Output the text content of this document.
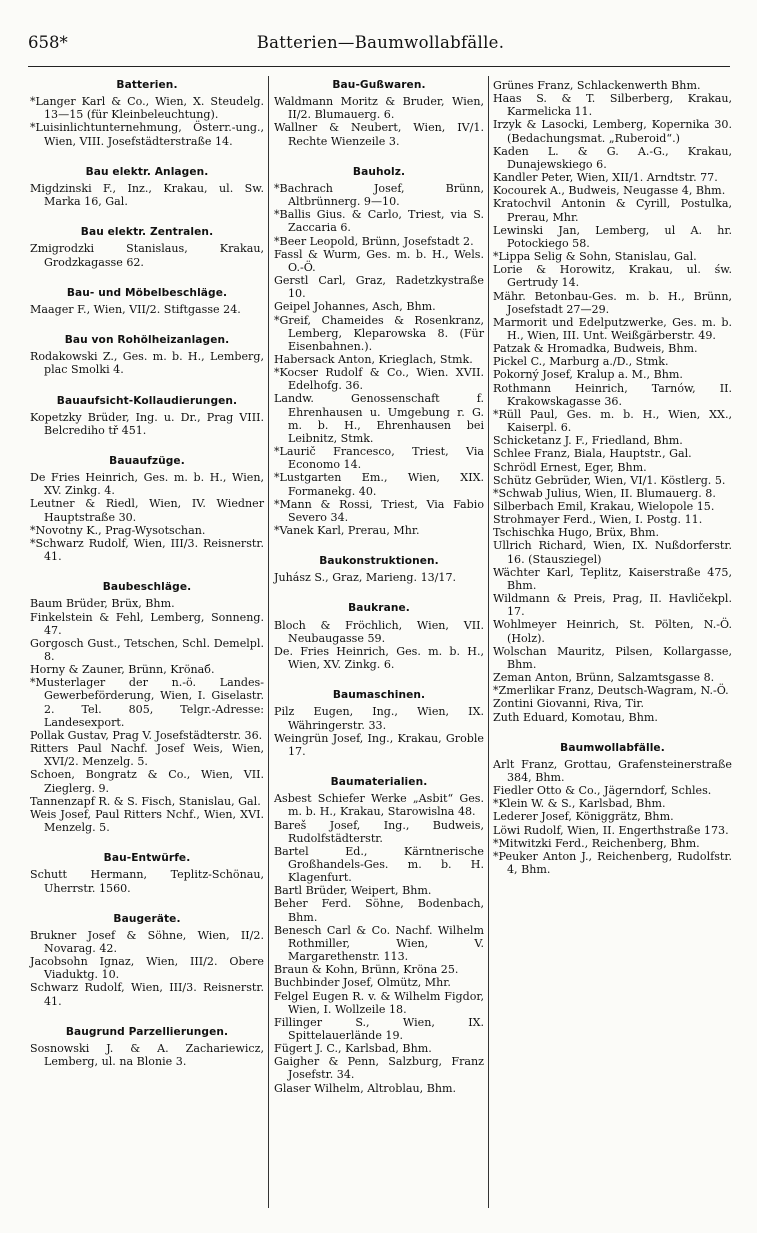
658*	Batterien—Baumwollabfälle.
Batterien.
*Langer Karl & Co., Wien, X. Steudelg. 13—15 (für Kleinbeleuchtung).
*Luisinlichtunternehmung, Österr.-ung., Wien, VIII. Josefstädterstraße 14.
Bau elektr. Anlagen.
Migdzinski F., Inz., Krakau, ul. Sw. Marka 16, Gal.
Bau elektr. Zentralen.
Zmigrodzki Stanislaus, Krakau, Grodzkagasse 62.
Bau- und Möbelbeschläge.
Maager F., Wien, VII/2. Stiftgasse 24.
Bau von Rohölheizanlagen.
Rodakowski Z., Ges. m. b. H., Lemberg, plac Smolki 4.
Bauaufsicht-Kollaudierungen.
Kopetzky Brüder, Ing. u. Dr., Prag VIII. Belcrediho tř 451.
Bauaufzüge.
De Fries Heinrich, Ges. m. b. H., Wien, XV. Zinkg. 4.
Leutner & Riedl, Wien, IV. Wiedner Hauptstraße 30.
*Novotny K., Prag-Wysotschan.
*Schwarz Rudolf, Wien, III/3. Reisnerstr. 41.
Baubeschläge.
Baum Brüder, Brüx, Bhm.
Finkelstein & Fehl, Lemberg, Sonneng. 47.
Gorgosch Gust., Tetschen, Schl. Demelpl. 8.
Horny & Zauner, Brünn, Krönaб.
*Musterlager der n.-ö. Landes-Gewerbeförderung, Wien, I. Giselastr. 2. Tel. 805, Telgr.-Adresse: Landesexport.
Pollak Gustav, Prag V. Josefstädterstr. 36.
Ritters Paul Nachf. Josef Weis, Wien, XVI/2. Menzelg. 5.
Schoen, Bongratz & Co., Wien, VII. Zieglerg. 9.
Tannenzapf R. & S. Fisch, Stanislau, Gal.
Weis Josef, Paul Ritters Nchf., Wien, XVI. Menzelg. 5.
Bau-Entwürfe.
Schutt Hermann, Teplitz-Schönau, Uherrstr. 1560.
Baugeräte.
Brukner Josef & Söhne, Wien, II/2. Novarag. 42.
Jacobsohn Ignaz, Wien, III/2. Obere Viaduktg. 10.
Schwarz Rudolf, Wien, III/3. Reisnerstr. 41.
Baugrund Parzellierungen.
Sosnowski J. & A. Zachariewicz, Lemberg, ul. na Blonie 3.
Bau-Gußwaren.
Waldmann Moritz & Bruder, Wien, II/2. Blumauerg. 6.
Wallner & Neubert, Wien, IV/1. Rechte Wienzeile 3.
Bauholz.
*Bachrach Josef, Brünn, Altbrünnerg. 9—10.
*Ballis Gius. & Carlo, Triest, via S. Zaccaria 6.
*Beer Leopold, Brünn, Josefstadt 2.
Fassl & Wurm, Ges. m. b. H., Wels. O.-Ö.
Gerstl Carl, Graz, Radetzkystraße 10.
Geipel Johannes, Asch, Bhm.
*Greif, Chameides & Rosenkranz, Lemberg, Kleparowska 8. (Für Eisenbahnen.).
Habersack Anton, Krieglach, Stmk.
*Kocser Rudolf & Co., Wien. XVII. Edelhofg. 36.
Landw. Genossenschaft f. Ehrenhausen u. Umgebung r. G. m. b. H., Ehrenhausen bei Leibnitz, Stmk.
*Laurič Francesco, Triest, Via Economo 14.
*Lustgarten Em., Wien, XIX. Formanekg. 40.
*Mann & Rossi, Triest, Via Fabio Severo 34.
*Vanek Karl, Prerau, Mhr.
Baukonstruktionen.
Juhász S., Graz, Marieng. 13/17.
Baukrane.
Bloch & Fröchlich, Wien, VII. Neubaugasse 59.
De. Fries Heinrich, Ges. m. b. H., Wien, XV. Zinkg. 6.
Baumaschinen.
Pilz Eugen, Ing., Wien, IX. Währingerstr. 33.
Weingrün Josef, Ing., Krakau, Groble 17.
Baumaterialien.
Asbest Schiefer Werke „Asbit“ Ges. m. b. H., Krakau, Starowislna 48.
Bareš Josef, Ing., Budweis, Rudolfstädterstr.
Bartel Ed., Kärntnerische Großhandels-Ges. m. b. H. Klagenfurt.
Bartl Brüder, Weipert, Bhm.
Beher Ferd. Söhne, Bodenbach, Bhm.
Benesch Carl & Co. Nachf. Wilhelm Rothmiller, Wien, V. Margarethenstr. 113.
Braun & Kohn, Brünn, Kröna 25.
Buchbinder Josef, Olmütz, Mhr.
Felgel Eugen R. v. & Wilhelm Figdor, Wien, I. Wollzeile 18.
Fillinger S., Wien, IX. Spittelauerlände 19.
Fügert J. C., Karlsbad, Bhm.
Gaigher & Penn, Salzburg, Franz Josefstr. 34.
Glaser Wilhelm, Altroblau, Bhm.
Grünes Franz, Schlackenwerth Bhm.
Haas S. & T. Silberberg, Krakau, Karmelicka 11.
Irzyk & Lasocki, Lemberg, Kopernika 30. (Bedachungsmat. „Ruberoid“.)
Kaden L. & G. A.-G., Krakau, Dunajewskiego 6.
Kandler Peter, Wien, XII/1. Arndtstr. 77.
Kocourek A., Budweis, Neugasse 4, Bhm.
Kratochvil Antonin & Cyrill, Postulka, Prerau, Mhr.
Lewinski Jan, Lemberg, ul A. hr. Potockiego 58.
*Lippa Selig & Sohn, Stanislau, Gal.
Lorie & Horowitz, Krakau, ul. św. Gertrudy 14.
Mähr. Betonbau-Ges. m. b. H., Brünn, Josefstadt 27—29.
Marmorit und Edelputzwerke, Ges. m. b. H., Wien, III. Unt. Weißgärberstr. 49.
Patzak & Hromadka, Budweis, Bhm.
Pickel C., Marburg a./D., Stmk.
Pokorný Josef, Kralup a. M., Bhm.
Rothmann Heinrich, Tarnów, II. Krakowskagasse 36.
*Rüll Paul, Ges. m. b. H., Wien, XX., Kaiserpl. 6.
Schicketanz J. F., Friedland, Bhm.
Schlee Franz, Biala, Hauptstr., Gal.
Schrödl Ernest, Eger, Bhm.
Schütz Gebrüder, Wien, VI/1. Köstlerg. 5.
*Schwab Julius, Wien, II. Blumauerg. 8.
Silberbach Emil, Krakau, Wielopole 15.
Strohmayer Ferd., Wien, I. Postg. 11.
Tschischka Hugo, Brüx, Bhm.
Ullrich Richard, Wien, IX. Nußdorferstr. 16. (Stausziegel)
Wächter Karl, Teplitz, Kaiserstraße 475, Bhm.
Wildmann & Preis, Prag, II. Havličekpl. 17.
Wohlmeyer Heinrich, St. Pölten, N.-Ö. (Holz).
Wolschan Mauritz, Pilsen, Kollargasse, Bhm.
Zeman Anton, Brünn, Salzamtsgasse 8.
*Zmerlikar Franz, Deutsch-Wagram, N.-Ö.
Zontini Giovanni, Riva, Tir.
Zuth Eduard, Komotau, Bhm.
Baumwollabfälle.
Arlt Franz, Grottau, Grafensteinerstraße 384, Bhm.
Fiedler Otto & Co., Jägerndorf, Schles.
*Klein W. & S., Karlsbad, Bhm.
Lederer Josef, Königgrätz, Bhm.
Löwi Rudolf, Wien, II. Engerthstraße 173.
*Mitwitzki Ferd., Reichenberg, Bhm.
*Peuker Anton J., Reichenberg, Rudolfstr. 4, Bhm.
